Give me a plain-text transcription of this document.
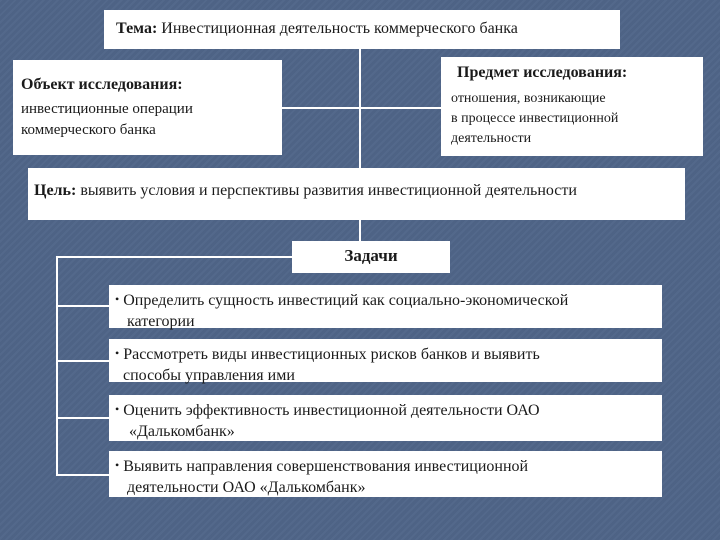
Тема: Инвестиционная деятельность коммерческого банка
Объект исследования:
инвестиционные операции коммерческого банка
Предмет исследования:
отношения, возникающие
в процессе инвестиционной
деятельности
Цель: выявить условия и перспективы развития инвестиционной деятельности
Задачи
• Определить сущность инвестиций как социально-экономической
категории
• Рассмотреть виды инвестиционных рисков банков и выявить
способы управления ими
• Оценить эффективность инвестиционной деятельности ОАО
«Далькомбанк»
• Выявить направления совершенствования инвестиционной
деятельности ОАО «Далькомбанк»
